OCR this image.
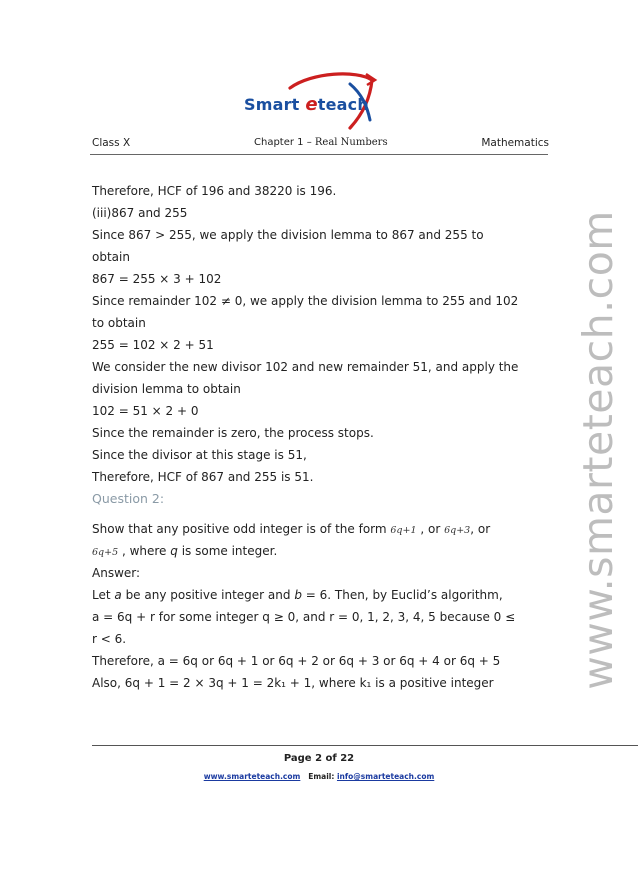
Smart eteach
Class X	Chapter 1 – Real Numbers	Mathematics
Therefore, HCF of 196 and 38220 is 196.
(iii)867 and 255
Since 867 > 255, we apply the division lemma to 867 and 255 to
obtain
867 = 255 × 3 + 102
Since remainder 102 ≠ 0, we apply the division lemma to 255 and 102
to obtain
255 = 102 × 2 + 51
We consider the new divisor 102 and new remainder 51, and apply the
division lemma to obtain
102 = 51 × 2 + 0
Since the remainder is zero, the process stops.
Since the divisor at this stage is 51,
Therefore, HCF of 867 and 255 is 51.
Question 2:
Show that any positive odd integer is of the form 6q+1 , or 6q+3, or
6q+5 , where q is some integer.
Answer:
Let a be any positive integer and b = 6. Then, by Euclid’s algorithm,
a = 6q + r for some integer q ≥ 0, and r = 0, 1, 2, 3, 4, 5 because 0 ≤
r < 6.
Therefore, a = 6q or 6q + 1 or 6q + 2 or 6q + 3 or 6q + 4 or 6q + 5
Also, 6q + 1 = 2 × 3q + 1 = 2k₁ + 1, where k₁ is a positive integer	www.smarteteach.com
Page 2 of 22
www.smarteteach.com Email: info@smarteteach.com
